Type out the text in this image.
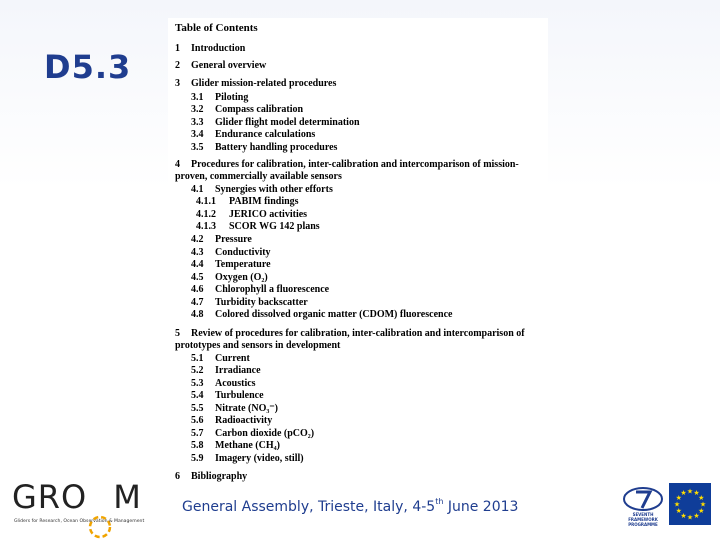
D5.3
Table of Contents
1 Introduction
2 General overview
3 Glider mission-related procedures
3.1 Piloting
3.2 Compass calibration
3.3 Glider flight model determination
3.4 Endurance calculations
3.5 Battery handling procedures
4 Procedures for calibration, inter-calibration and intercomparison of mission-
proven, commercially available sensors
4.1 Synergies with other efforts
4.1.1 PABIM findings
4.1.2 JERICO activities
4.1.3 SCOR WG 142 plans
4.2 Pressure
4.3 Conductivity
4.4 Temperature
4.5 Oxygen (O₂)
4.6 Chlorophyll a fluorescence
4.7 Turbidity backscatter
4.8 Colored dissolved organic matter (CDOM) fluorescence
5 Review of procedures for calibration, inter-calibration and intercomparison of
prototypes and sensors in development
5.1 Current
5.2 Irradiance
5.3 Acoustics
5.4 Turbulence
5.5 Nitrate (NO₃⁻)
5.6 Radioactivity
5.7 Carbon dioxide (pCO₂)
5.8 Methane (CH₄)
5.9 Imagery (video, still)
6 Bibliography
General Assembly, Trieste, Italy, 4-5th June 2013
GRO M
Gliders for Research, Ocean Observation & Management
SEVENTH FRAMEWORK PROGRAMME
★
★
★
★
★
★
★
★
★ ★ ★
★
